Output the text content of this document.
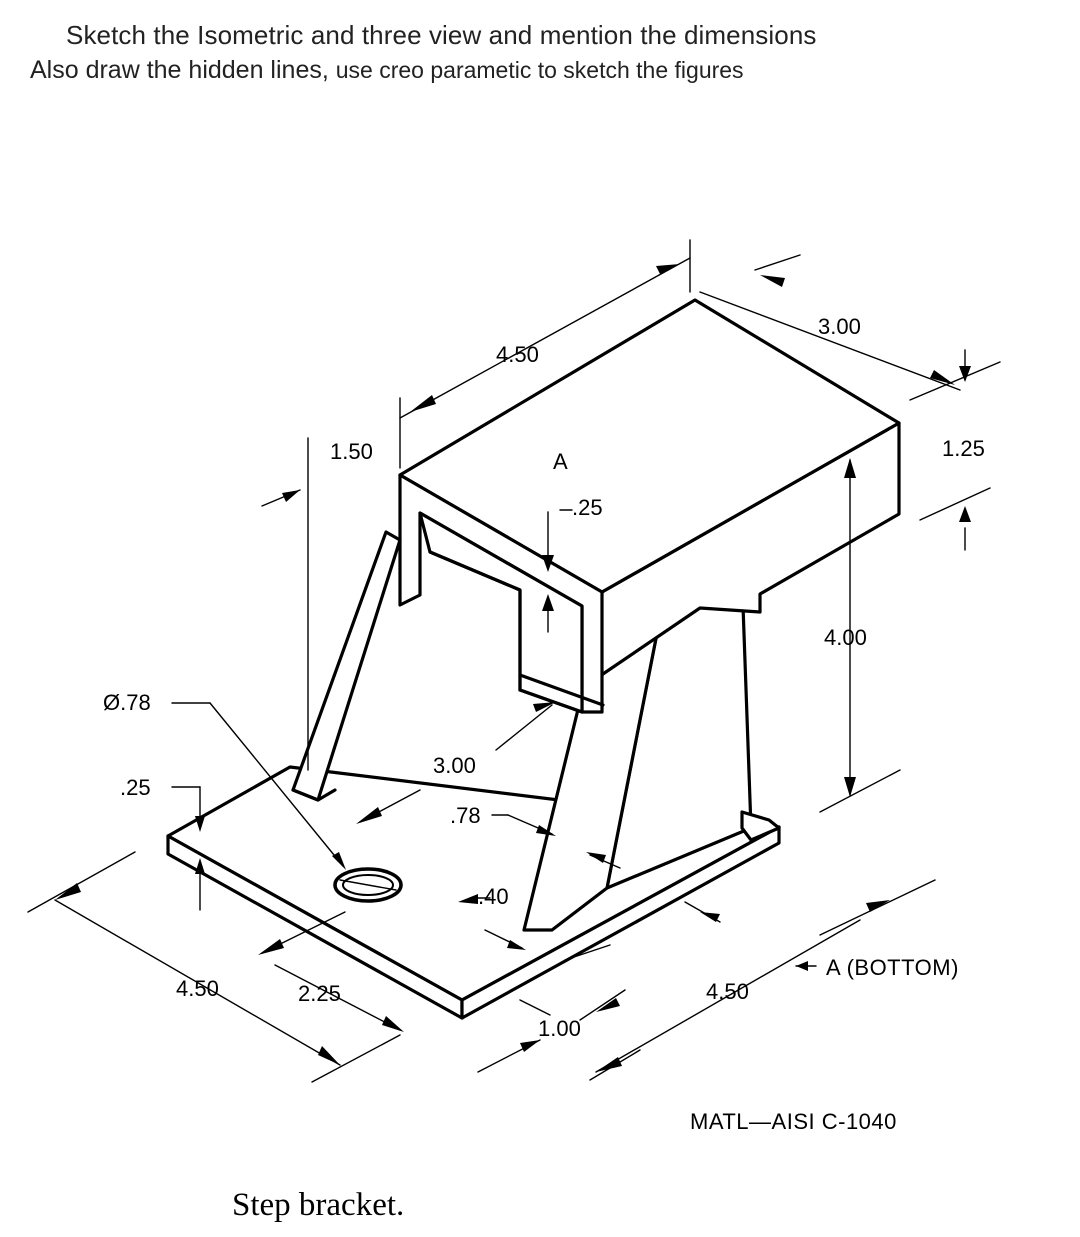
Sketch the Isometric and three view and mention the dimensions
Also draw the hidden lines, use creo parametic to sketch the figures
4.50
3.00
1.25
1.50	A
.25
4.00
Ø.78
.25
3.00
.78
.40
4.50	2.25
1.00
4.50
A (BOTTOM)
MATL—AISI C-1040
Step bracket.
